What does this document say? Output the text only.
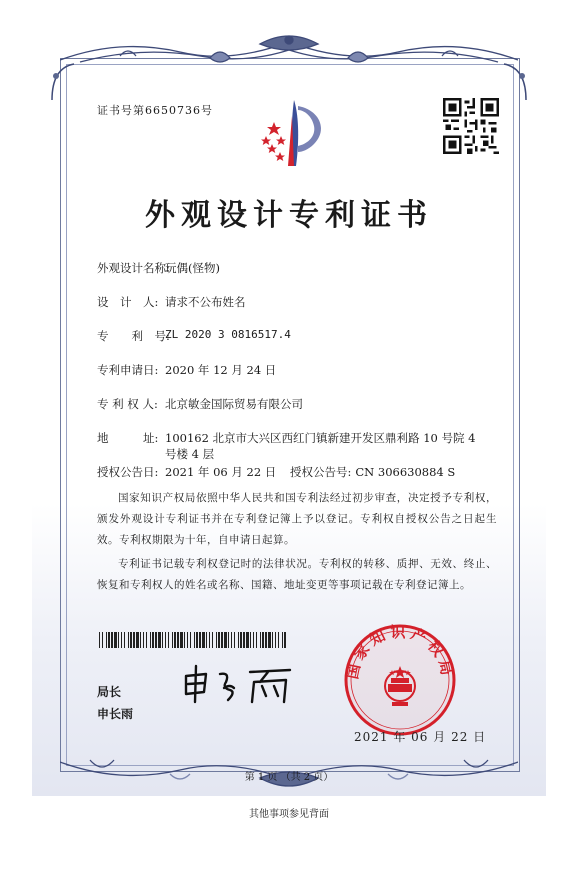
证书号第6650736号
外观设计专利证书
外观设计名称:
玩偶(怪物)
设　计　人: 请求不公布姓名
专　　利　号:
ZL 2020 3 0816517.4
专利申请日: 2020 年 12 月 24 日
专 利 权 人: 北京敏金国际贸易有限公司
地　　　址: 100162 北京市大兴区西红门镇新建开发区鼎利路 10 号院 4
号楼 4 层
授权公告日: 2021 年 06 月 22 日 授权公告号: CN 306630884 S
国家知识产权局依照中华人民共和国专利法经过初步审查，决定授予专利权，颁发外观设计专利证书并在专利登记簿上予以登记。专利权自授权公告之日起生效。专利权期限为十年，自申请日起算。
专利证书记载专利权登记时的法律状况。专利权的转移、质押、无效、终止、恢复和专利权人的姓名或名称、国籍、地址变更等事项记载在专利登记簿上。
局长
申长雨
国家知识产权局
2021 年 06 月 22 日
第 1 页 （共 2 页）
其他事项参见背面
